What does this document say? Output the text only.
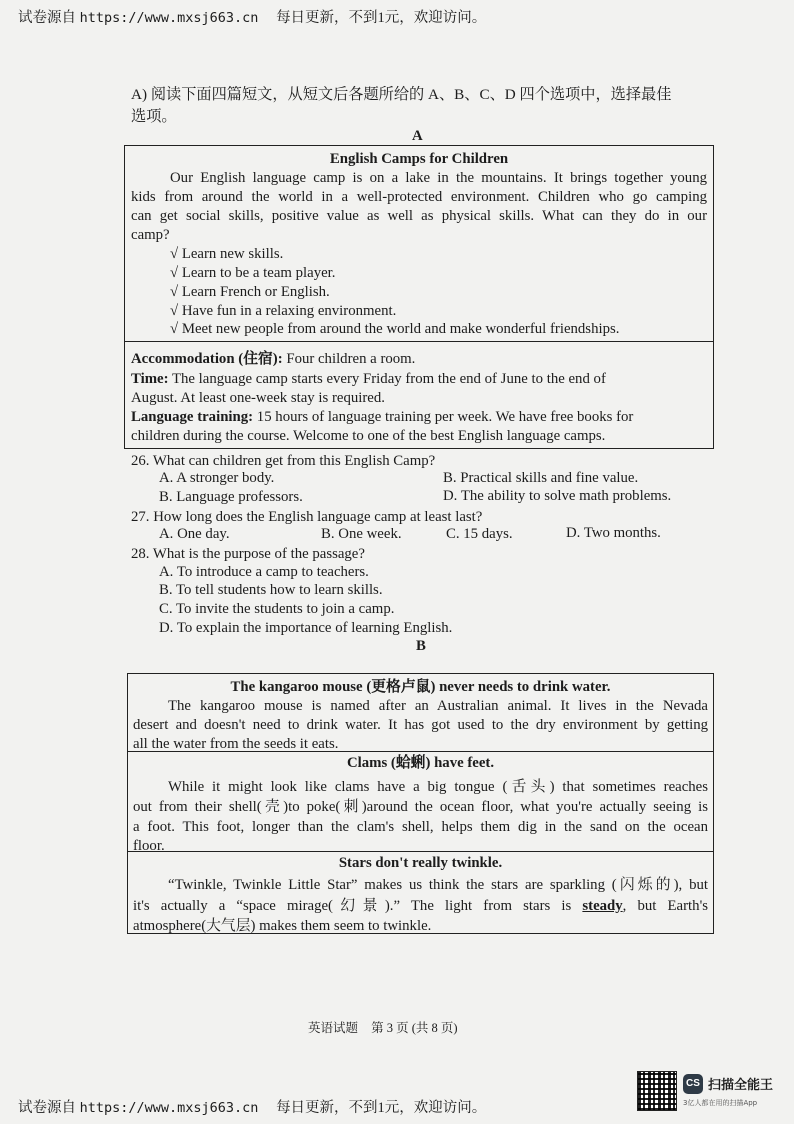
试卷源自 https://www.mxsj663.cn 每日更新，不到1元，欢迎访问。
A) 阅读下面四篇短文，从短文后各题所给的 A、B、C、D 四个选项中，选择最佳
选项。
A
English Camps for Children
Our English language camp is on a lake in the mountains. It brings together young
kids from around the world in a well-protected environment. Children who go camping
can get social skills, positive value as well as physical skills. What can they do in our
camp?
√ Learn new skills.
√ Learn to be a team player.
√ Learn French or English.
√ Have fun in a relaxing environment.
√ Meet new people from around the world and make wonderful friendships.
Accommodation (住宿): Four children a room.
Time: The language camp starts every Friday from the end of June to the end of
August. At least one-week stay is required.
Language training: 15 hours of language training per week. We have free books for
children during the course. Welcome to one of the best English language camps.
26. What can children get from this English Camp?
A. A stronger body.	B. Practical skills and fine value.
B. Language professors.	D. The ability to solve math problems.
27. How long does the English language camp at least last?
A. One day.	B. One week.	C. 15 days.	D. Two months.
28. What is the purpose of the passage?
A. To introduce a camp to teachers.
B. To tell students how to learn skills.
C. To invite the students to join a camp.
D. To explain the importance of learning English.
B
The kangaroo mouse (更格卢鼠) never needs to drink water.
The kangaroo mouse is named after an Australian animal. It lives in the Nevada
desert and doesn't need to drink water. It has got used to the dry environment by getting
all the water from the seeds it eats.
Clams (蛤蜊) have feet.
While it might look like clams have a big tongue (舌头) that sometimes reaches
out from their shell(壳)to poke(刺)around the ocean floor, what you're actually seeing is
a foot. This foot, longer than the clam's shell, helps them dig in the sand on the ocean
floor.
Stars don't really twinkle.
“Twinkle, Twinkle Little Star” makes us think the stars are sparkling (闪烁的), but
it's actually a “space mirage(幻景).” The light from stars is steady, but Earth's
atmosphere(大气层) makes them seem to twinkle.
英语试题 第 3 页 (共 8 页)
试卷源自 https://www.mxsj663.cn 每日更新，不到1元，欢迎访问。
CS 扫描全能王
3亿人都在用的扫描App
